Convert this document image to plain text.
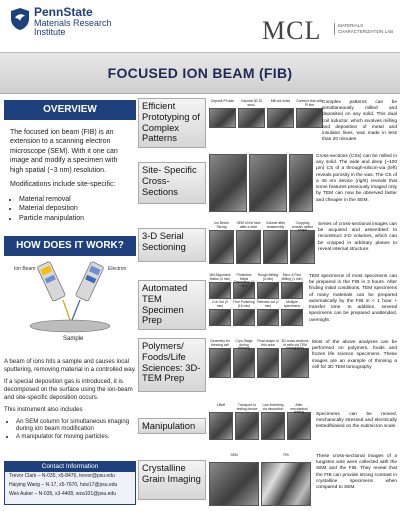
PennState
Materials Research
Institute	MCL	MATERIALS CHARACTERIZATION LAB
FOCUSED ION BEAM (FIB)
OVERVIEW

The focused ion beam (FIB) is an extension to a scanning electron microscope (SEM). With it one can image and modify a specimen with high spatial (~3 nm) resolution.

Modifications include site-specific:

• Material removal
• Material deposition
• Particle manipulation
HOW DOES IT WORK?
Ion Beam	Electron
Sample

A beam of ions hits a sample and causes local sputtering, removing material in a controlled way.

If a special deposition gas is introduced, it is decomposed on the surface using the ion-beam and site-specific deposition occurs.

This instrument also includes

• An SEM column for simultaneous imaging during ion beam modification
• A manipulator for moving particles.
Contact Information
Trevor Clark – N-035, x5-8476, trevor@psu.edu
Haiying Wang – N-17, x5-7670, hzw17@psu.edu
Wes Auker – N-035, x3-4408, wza101@psu.edu
Efficient Prototyping of Complex Patterns
Deposit Pt dots	Deposit 3D Si struc.
Mill via holes	Connect vias with Pt line	Complex patterns can be simultaneously milled and deposited on any solid. This dual coil inductor, which involves milling and deposition of metal and insulator lines, was made in less than 20 minutes
Site- Specific Cross-Sections
Cross-sections (CSs) can be milled in any solid. The wide and deep (~100 µm) CS of a through-silicon-via (left) reveals porosity in the vias. The CS of a 45 nm device (right) reveals that some features previously imaged only by TEM can now be observed faster and cheaper in the SEM.
3-D Serial Sectioning
Ion Beam Slicing
SEM of the face after a slice
Volume after reassembly
Cropping reveals defect shape
Series of cross-sectional images can be acquired and assembled to reconstruct 3-D volumes, which can be cropped in arbitrary planes to reveal internal structure.
Automated TEM Specimen Prep
Mill Alignment Marks (4 min)
Protective Metal Deposition (3 min)
Rough Milling (4 min)
Med. & Fine Milling (1 min)
Cut Out (3 min)
Fine Polishing (15 min)
Release cut (1 min)
Multiple specimens
TEM specimens of most specimens can be prepared in the FIB in 3 hours. After finding initial conditions, TEM specimens of many materials can be prepared automatically by the FIB in < 1 hour + transfer time. In addition, several specimens can be prepared unattended, overnight.
Polymers/ Foods/Life Sciences: 3D-TEM Prep
Geometry for thinning cell
Cryo-Stage during thinning
Final shape of thin area
3D cross-sections of cells via TEM tomography
Most of the above analyses can be performed on polymers, foods and frozen life science specimens. These images are an example of thinning a cell for 3D TEM tomography
Manipulation
Liftoff	Transport to testing device
Low footstring via deposition
After mechanical testing	Specimens can be moved, mechanically stressed and electrically tested/biased on the submicron scale.
Crystalline Grain Imaging
SEM	FIB	These cross-sectional images of a tungsten wire were collected with the SEM and the FIB. They reveal that the FIB can provide strong contrast in crystalline specimens when compared to SEM.
